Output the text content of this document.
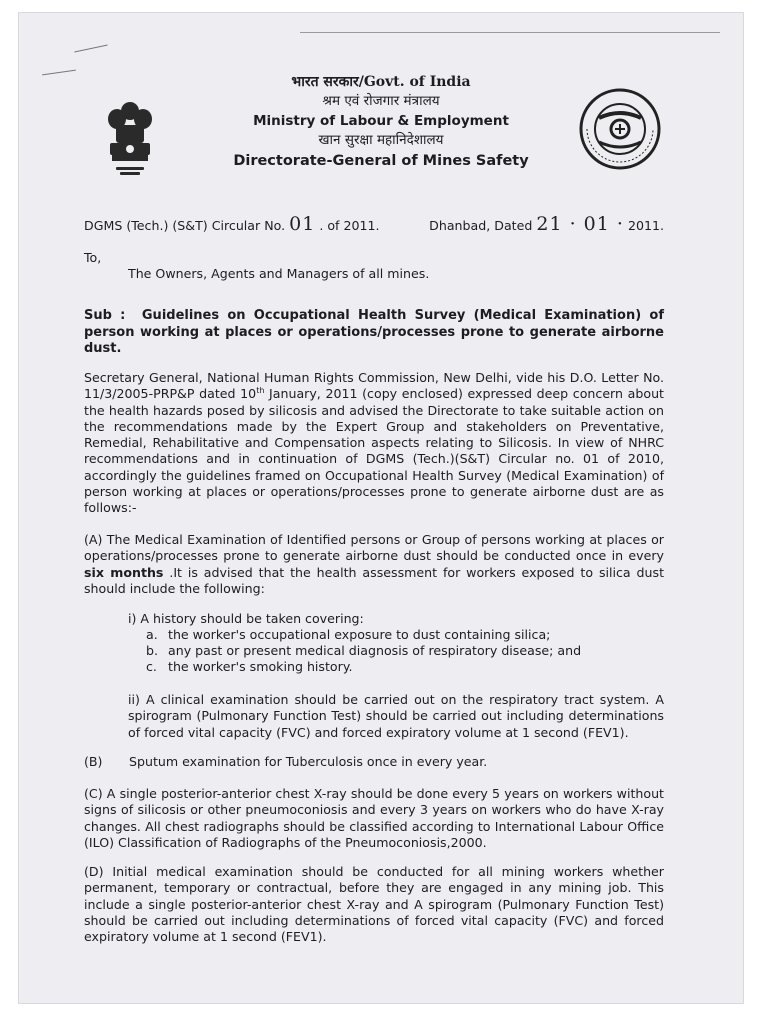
भारत सरकार/Govt. of India
श्रम एवं रोजगार मंत्रालय
Ministry of Labour & Employment
खान सुरक्षा महानिदेशालय
Directorate-General of Mines Safety
DGMS (Tech.) (S&T) Circular No. 01 . of 2011.	Dhanbad, Dated 21 · 01 · 2011.
To,
The Owners, Agents and Managers of all mines.
Sub : Guidelines on Occupational Health Survey (Medical Examination) of person working at places or operations/processes prone to generate airborne dust.
Secretary General, National Human Rights Commission, New Delhi, vide his D.O. Letter No. 11/3/2005-PRP&P dated 10th January, 2011 (copy enclosed) expressed deep concern about the health hazards posed by silicosis and advised the Directorate to take suitable action on the recommendations made by the Expert Group and stakeholders on Preventative, Remedial, Rehabilitative and Compensation aspects relating to Silicosis. In view of NHRC recommendations and in continuation of DGMS (Tech.)(S&T) Circular no. 01 of 2010, accordingly the guidelines framed on Occupational Health Survey (Medical Examination) of person working at places or operations/processes prone to generate airborne dust are as follows:-
(A) The Medical Examination of Identified persons or Group of persons working at places or operations/processes prone to generate airborne dust should be conducted once in every six months .It is advised that the health assessment for workers exposed to silica dust should include the following:
i) A history should be taken covering:
a. the worker's occupational exposure to dust containing silica;
b. any past or present medical diagnosis of respiratory disease; and
c. the worker's smoking history.
ii) A clinical examination should be carried out on the respiratory tract system. A spirogram (Pulmonary Function Test) should be carried out including determinations of forced vital capacity (FVC) and forced expiratory volume at 1 second (FEV1).
(B) Sputum examination for Tuberculosis once in every year.
(C) A single posterior-anterior chest X-ray should be done every 5 years on workers without signs of silicosis or other pneumoconiosis and every 3 years on workers who do have X-ray changes. All chest radiographs should be classified according to International Labour Office (ILO) Classification of Radiographs of the Pneumoconiosis,2000.
(D) Initial medical examination should be conducted for all mining workers whether permanent, temporary or contractual, before they are engaged in any mining job. This include a single posterior-anterior chest X-ray and A spirogram (Pulmonary Function Test) should be carried out including determinations of forced vital capacity (FVC) and forced expiratory volume at 1 second (FEV1).
